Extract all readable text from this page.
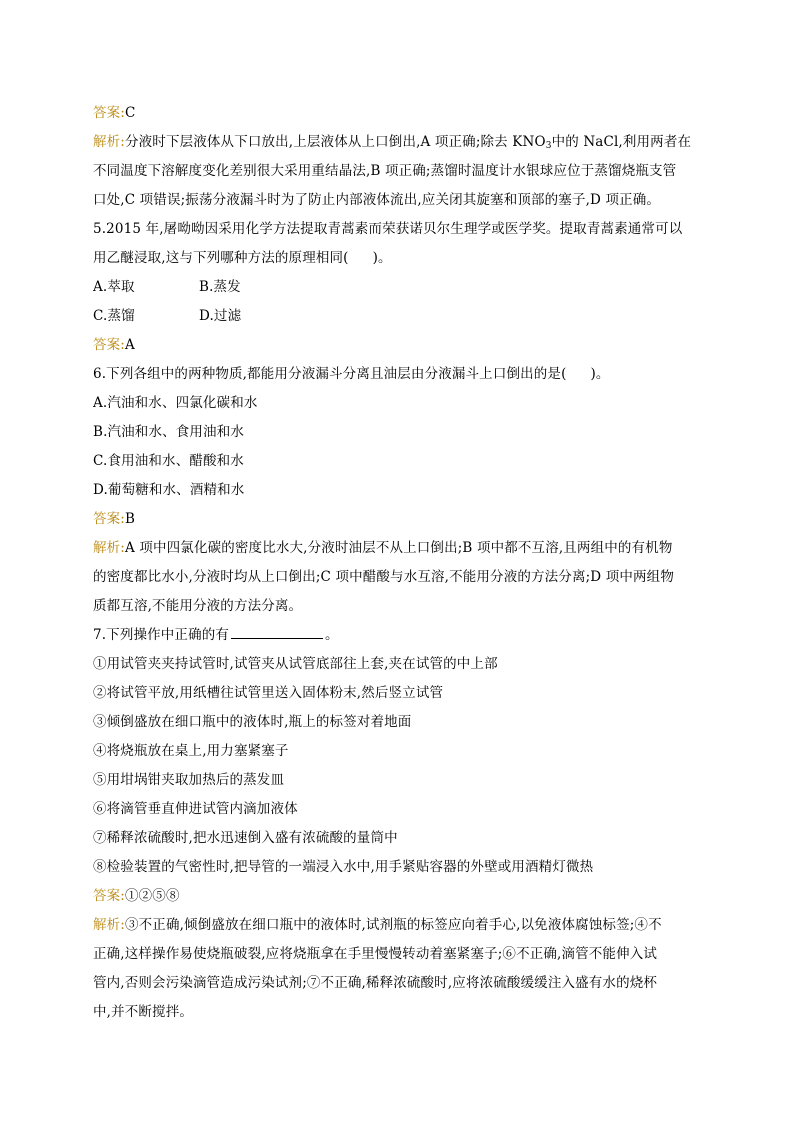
答案:C
解析:分液时下层液体从下口放出,上层液体从上口倒出,A 项正确;除去 $KNO_3$中的 NaCl,利用两者在
不同温度下溶解度变化差别很大采用重结晶法,B 项正确;蒸馏时温度计水银球应位于蒸馏烧瓶支管
口处,C 项错误;振荡分液漏斗时为了防止内部液体流出,应关闭其旋塞和顶部的塞子,D 项正确。
5.2015 年,屠呦呦因采用化学方法提取青蒿素而荣获诺贝尔生理学或医学奖。提取青蒿素通常可以
用乙醚浸取,这与下列哪种方法的原理相同( )。
A.萃取	B.蒸发
C.蒸馏	D.过滤
答案:A
6.下列各组中的两种物质,都能用分液漏斗分离且油层由分液漏斗上口倒出的是( )。
A.汽油和水、四氯化碳和水
B.汽油和水、食用油和水
C.食用油和水、醋酸和水
D.葡萄糖和水、酒精和水
答案:B
解析:A 项中四氯化碳的密度比水大,分液时油层不从上口倒出;B 项中都不互溶,且两组中的有机物
的密度都比水小,分液时均从上口倒出;C 项中醋酸与水互溶,不能用分液的方法分离;D 项中两组物
质都互溶,不能用分液的方法分离。
7.下列操作中正确的有	。
①用试管夹夹持试管时,试管夹从试管底部往上套,夹在试管的中上部
②将试管平放,用纸槽往试管里送入固体粉末,然后竖立试管
③倾倒盛放在细口瓶中的液体时,瓶上的标签对着地面
④将烧瓶放在桌上,用力塞紧塞子
⑤用坩埚钳夹取加热后的蒸发皿
⑥将滴管垂直伸进试管内滴加液体
⑦稀释浓硫酸时,把水迅速倒入盛有浓硫酸的量筒中
⑧检验装置的气密性时,把导管的一端浸入水中,用手紧贴容器的外壁或用酒精灯微热
答案:①②⑤⑧
解析:③不正确,倾倒盛放在细口瓶中的液体时,试剂瓶的标签应向着手心,以免液体腐蚀标签;④不
正确,这样操作易使烧瓶破裂,应将烧瓶拿在手里慢慢转动着塞紧塞子;⑥不正确,滴管不能伸入试
管内,否则会污染滴管造成污染试剂;⑦不正确,稀释浓硫酸时,应将浓硫酸缓缓注入盛有水的烧杯
中,并不断搅拌。
